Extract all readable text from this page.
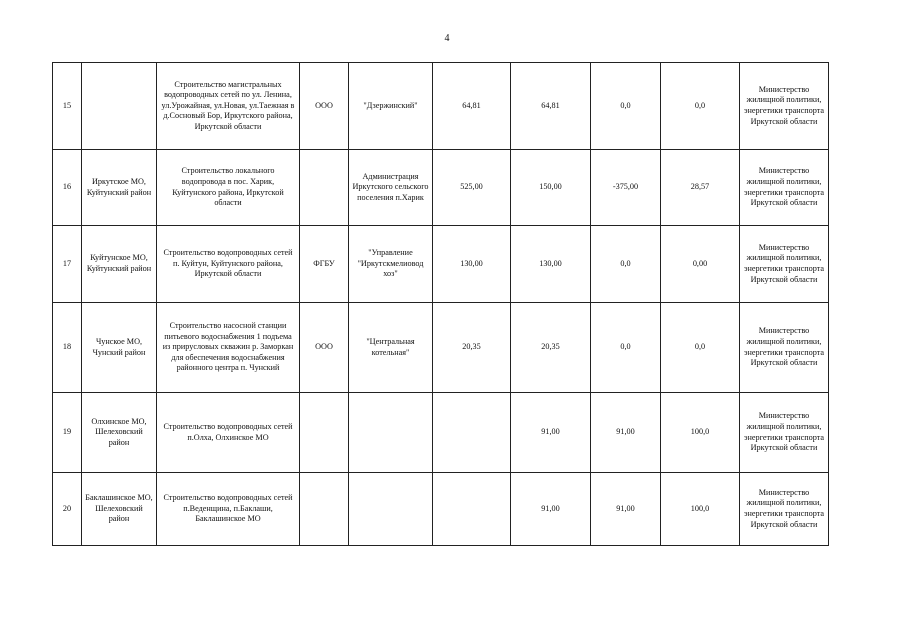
4
15		Строительство магистральных водопроводных сетей по ул. Ленина, ул.Урожайная, ул.Новая, ул.Таежная в д.Сосновый Бор, Иркутского района, Иркутской области	ООО	"Дзержинский"	64,81	64,81	0,0	0,0	Министерство жилищной политики, энергетики транспорта Иркутской области
16	Иркутское МО, Куйтунский район	Строительство локального водопровода в пос. Харик, Куйтунского района, Иркутской области		Администрация Иркутского сельского поселения п.Харик	525,00	150,00	-375,00	28,57	Министерство жилищной политики, энергетики транспорта Иркутской области
17	Куйтунское МО, Куйтунский район	Строительство водопроводных сетей п. Куйтун, Куйтунского района, Иркутской области	ФГБУ	"Управление "Иркутскмелиовод хоз"	130,00	130,00	0,0	0,00	Министерство жилищной политики, энергетики транспорта Иркутской области
18	Чунское МО, Чунский район	Строительство насосной станции питьевого водоснабжения 1 подъема из прирусловых скважин р. Заморкан для обеспечения водоснабжения районного центра п. Чунский	ООО	"Центральная котельная"	20,35	20,35	0,0	0,0	Министерство жилищной политики, энергетики транспорта Иркутской области
19	Олхинское МО, Шелеховский район	Строительство водопроводных сетей п.Олха, Олхинское МО				91,00	91,00	100,0	Министерство жилищной политики, энергетики транспорта Иркутской области
20	Баклашинское МО, Шелеховский район	Строительство водопроводных сетей п.Веденщина, п.Баклаши, Баклашинское МО				91,00	91,00	100,0	Министерство жилищной политики, энергетики транспорта Иркутской области
